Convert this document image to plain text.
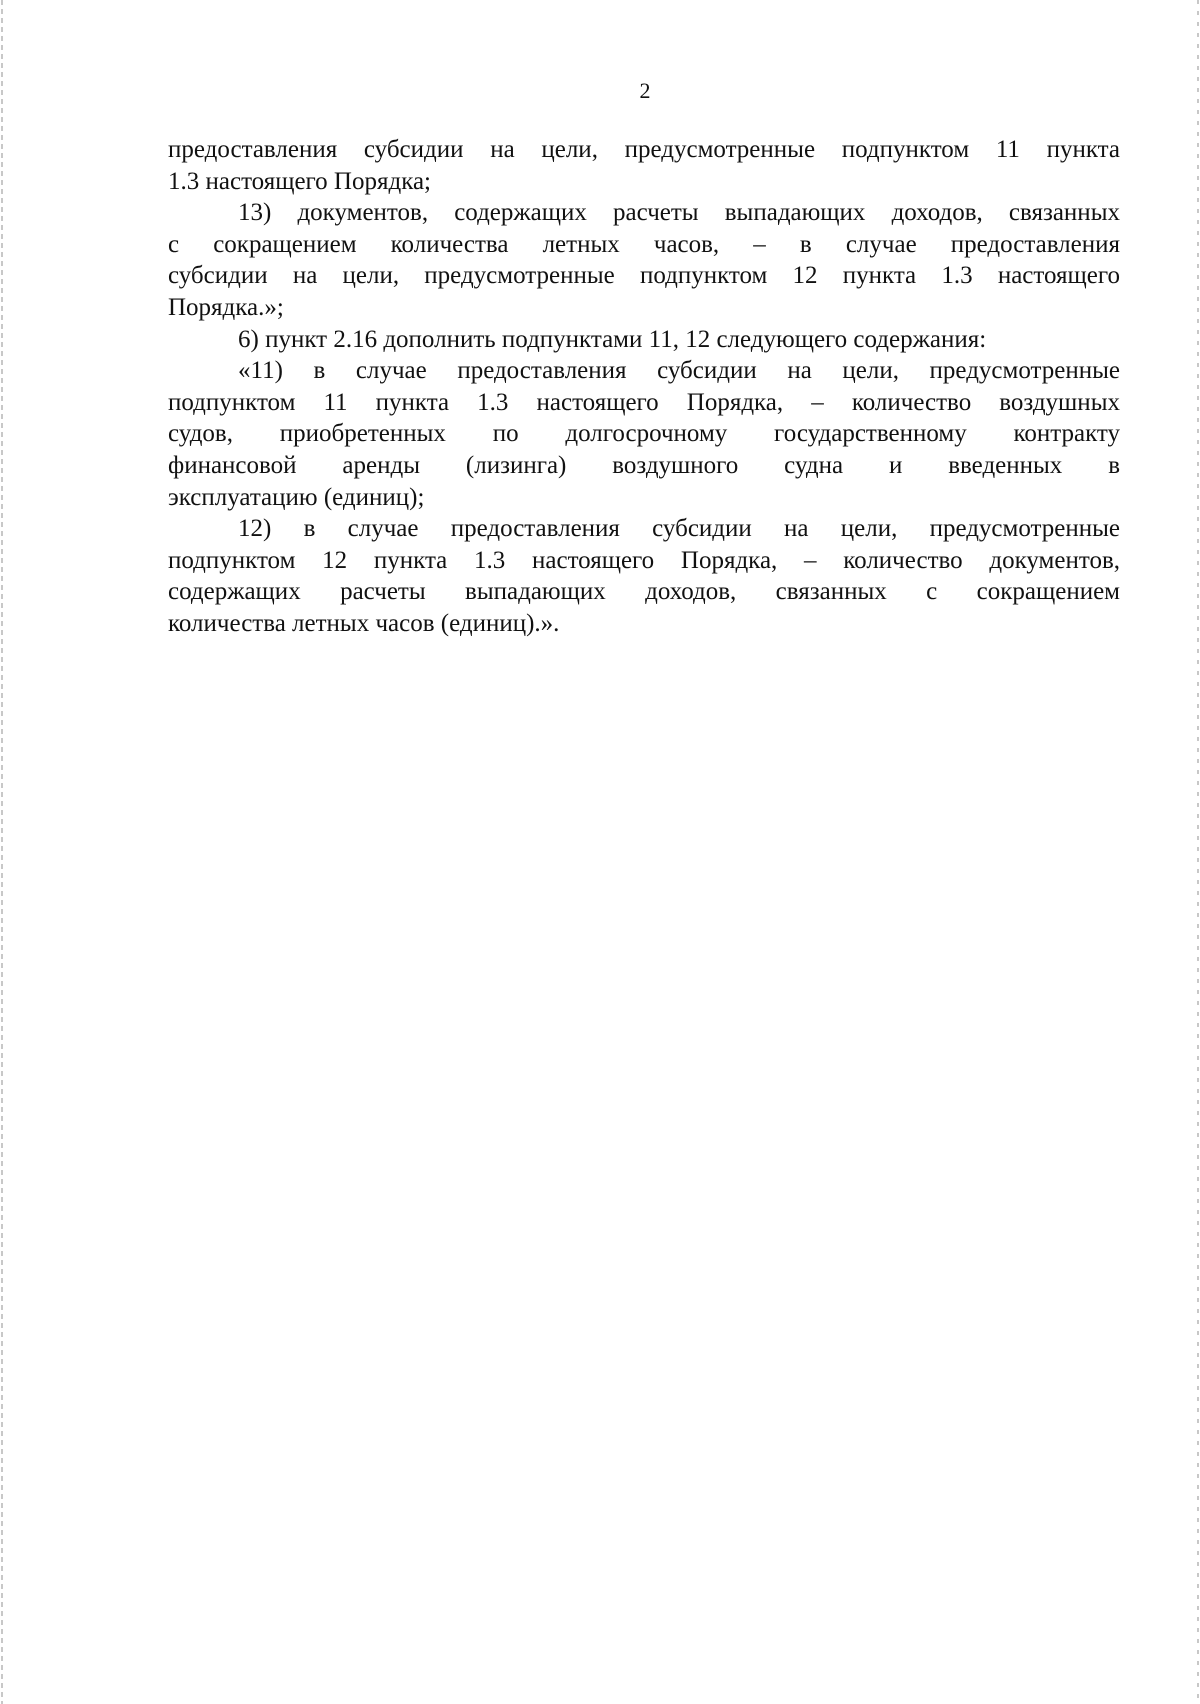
2
предоставления субсидии на цели, предусмотренные подпунктом 11 пункта
1.3 настоящего Порядка;
13) документов, содержащих расчеты выпадающих доходов, связанных
с сокращением количества летных часов, – в случае предоставления
субсидии на цели, предусмотренные подпунктом 12 пункта 1.3 настоящего
Порядка.»;
6) пункт 2.16 дополнить подпунктами 11, 12 следующего содержания:
«11) в случае предоставления субсидии на цели, предусмотренные
подпунктом 11 пункта 1.3 настоящего Порядка, – количество воздушных
судов, приобретенных по долгосрочному государственному контракту
финансовой аренды (лизинга) воздушного судна и введенных в
эксплуатацию (единиц);
12) в случае предоставления субсидии на цели, предусмотренные
подпунктом 12 пункта 1.3 настоящего Порядка, – количество документов,
содержащих расчеты выпадающих доходов, связанных с сокращением
количества летных часов (единиц).».
